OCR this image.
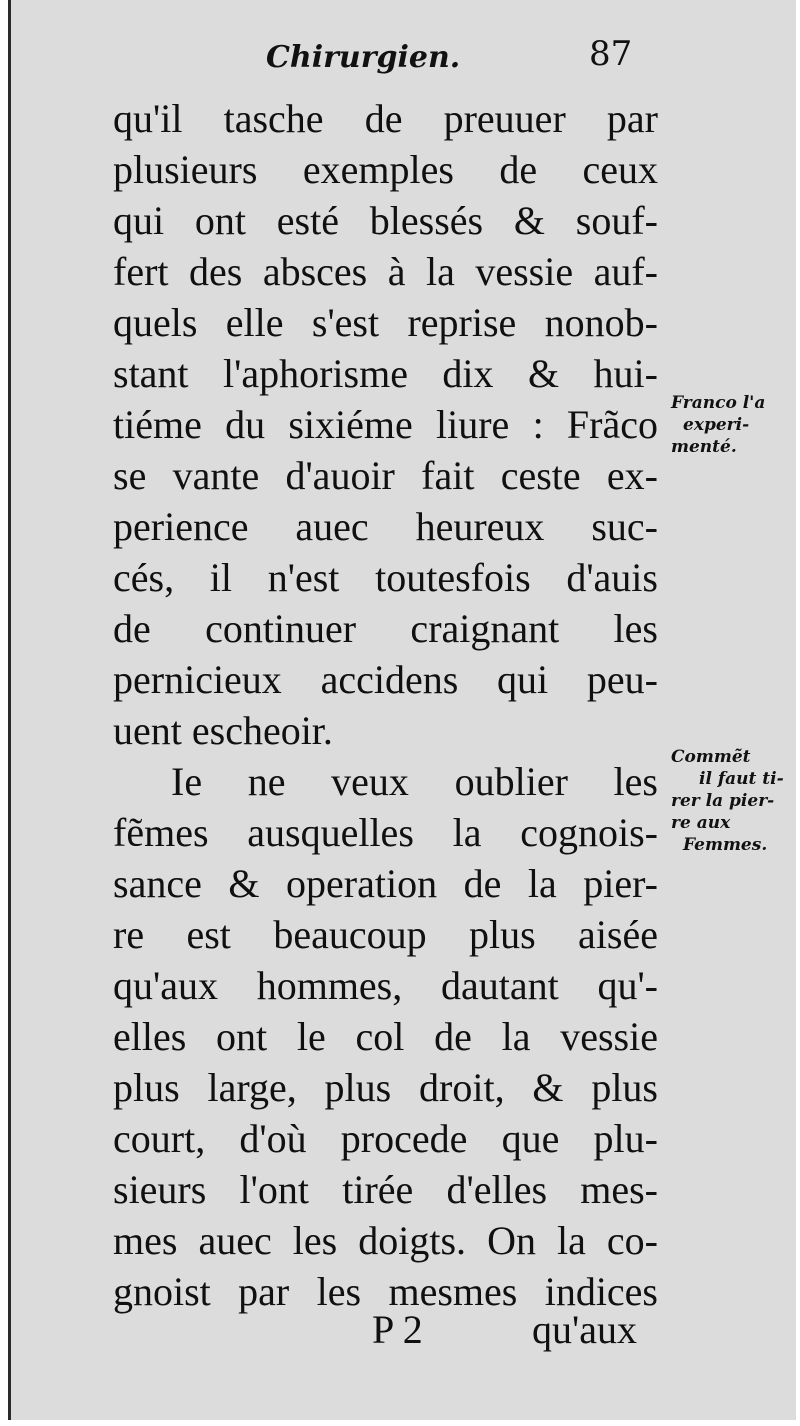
Chirurgien.	87
qu'il tasche de preuuer par
plusieurs exemples de ceux
qui ont esté blessés & souf-
fert des absces à la vessie auf-
quels elle s'est reprise nonob-
stant l'aphorisme dix & hui-
tiéme du sixiéme liure : Frãco
se vante d'auoir fait ceste ex-
perience auec heureux suc-
cés, il n'est toutesfois d'auis
de continuer craignant les
pernicieux accidens qui peu-
uent escheoir.
Ie ne veux oublier les
fẽmes ausquelles la cognois-
sance & operation de la pier-
re est beaucoup plus aisée
qu'aux hommes, dautant qu'-
elles ont le col de la vessie
plus large, plus droit, & plus
court, d'où procede que plu-
sieurs l'ont tirée d'elles mes-
mes auec les doigts. On la co-
gnoist par les mesmes indices
Franco l'a
experi-
menté.
Commẽt
il faut ti-
rer la pier-
re aux
Femmes.
P 2	qu'aux
